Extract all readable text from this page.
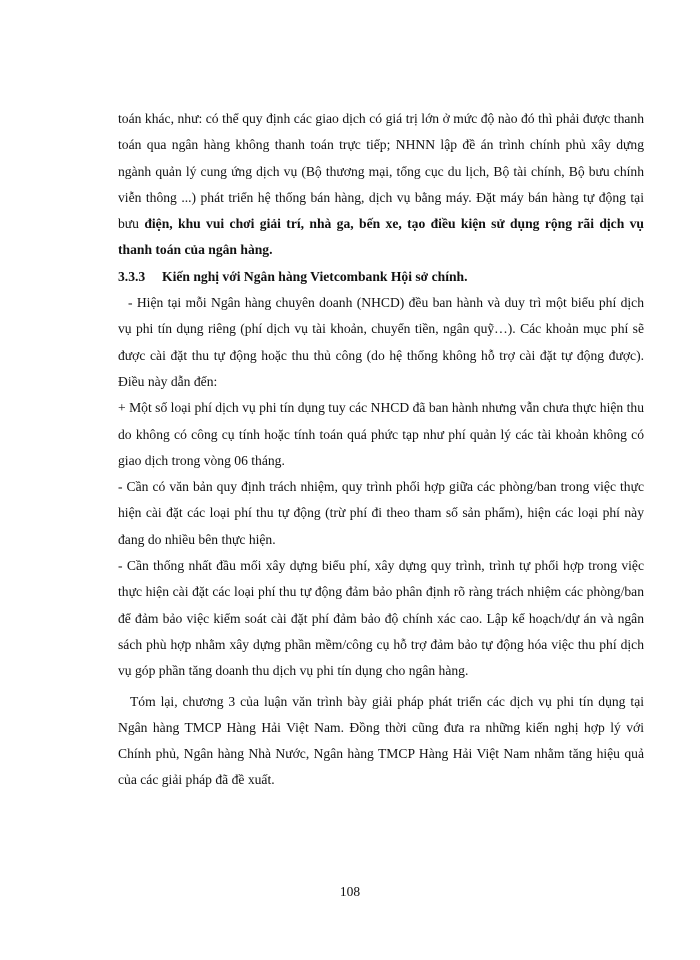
toán khác, như: có thể quy định các giao dịch có giá trị lớn ở mức độ nào đó thì phải được thanh toán qua ngân hàng không thanh toán trực tiếp; NHNN lập đề án trình chính phủ xây dựng ngành quản lý cung ứng dịch vụ (Bộ thương mại, tổng cục du lịch, Bộ tài chính, Bộ bưu chính viễn thông ...) phát triển hệ thống bán hàng, dịch vụ bằng máy. Đặt máy bán hàng tự động tại bưu điện, khu vui chơi giải trí, nhà ga, bến xe, tạo điều kiện sử dụng rộng rãi dịch vụ thanh toán của ngân hàng.

3.3.3 Kiến nghị với Ngân hàng Vietcombank Hội sở chính.

- Hiện tại mỗi Ngân hàng chuyên doanh (NHCD) đều ban hành và duy trì một biểu phí dịch vụ phi tín dụng riêng (phí dịch vụ tài khoản, chuyển tiền, ngân quỹ…). Các khoản mục phí sẽ được cài đặt thu tự động hoặc thu thủ công (do hệ thống không hỗ trợ cài đặt tự động được). Điều này dẫn đến:

+ Một số loại phí dịch vụ phi tín dụng tuy các NHCD đã ban hành nhưng vẫn chưa thực hiện thu do không có công cụ tính hoặc tính toán quá phức tạp như phí quản lý các tài khoản không có giao dịch trong vòng 06 tháng.

- Cần có văn bản quy định trách nhiệm, quy trình phối hợp giữa các phòng/ban trong việc thực hiện cài đặt các loại phí thu tự động (trừ phí đi theo tham số sản phẩm), hiện các loại phí này đang do nhiều bên thực hiện.

- Cần thống nhất đầu mối xây dựng biểu phí, xây dựng quy trình, trình tự phối hợp trong việc thực hiện cài đặt các loại phí thu tự động đảm bảo phân định rõ ràng trách nhiệm các phòng/ban để đảm bảo việc kiểm soát cài đặt phí đảm bảo độ chính xác cao. Lập kế hoạch/dự án và ngân sách phù hợp nhằm xây dựng phần mềm/công cụ hỗ trợ đảm bảo tự động hóa việc thu phí dịch vụ góp phần tăng doanh thu dịch vụ phi tín dụng cho ngân hàng.

Tóm lại, chương 3 của luận văn trình bày giải pháp phát triển các dịch vụ phi tín dụng tại Ngân hàng TMCP Hàng Hải Việt Nam. Đồng thời cũng đưa ra những kiến nghị hợp lý với Chính phủ, Ngân hàng Nhà Nước, Ngân hàng TMCP Hàng Hải Việt Nam nhằm tăng hiệu quả của các giải pháp đã đề xuất.

108
